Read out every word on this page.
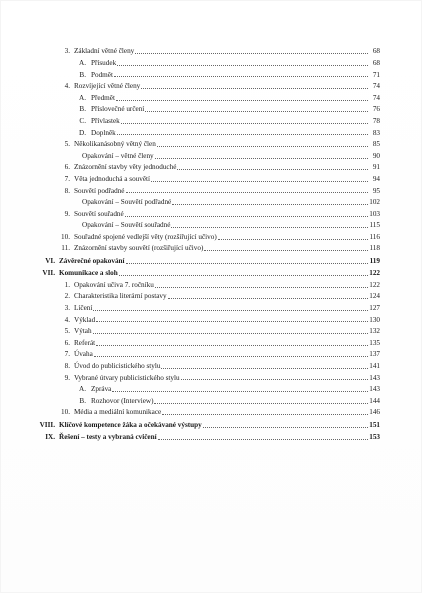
3. Základní větné členy	68
A. Přísudek	68
B. Podmět	71
4. Rozvíjející větné členy	74
A. Předmět	74
B. Příslovečné určení	76
C. Přívlastek	78
D. Doplněk	83
5. Několikanásobný větný člen	85
Opakování – větné členy	90
6. Znázornění stavby věty jednoduché	91
7. Věta jednoduchá a souvětí	94
8. Souvětí podřadné	95
Opakování – Souvětí podřadné	102
9. Souvětí souřadné	103
Opakování – Souvětí souřadné	115
10. Souřadné spojené vedlejší věty (rozšiřující učivo)	116
11. Znázornění stavby souvětí (rozšiřující učivo)	118
VI. Závěrečné opakování	119
VII. Komunikace a sloh	122
1. Opakování učiva 7. ročníku	122
2. Charakteristika literární postavy	124
3. Líčení	127
4. Výklad	130
5. Výtah	132
6. Referát	135
7. Úvaha	137
8. Úvod do publicistického stylu	141
9. Vybrané útvary publicistického stylu	143
A. Zpráva	143
B. Rozhovor (Interview)	144
10. Média a mediální komunikace	146
VIII. Klíčové kompetence žáka a očekávané výstupy	151
IX. Řešení – testy a vybraná cvičení	153
